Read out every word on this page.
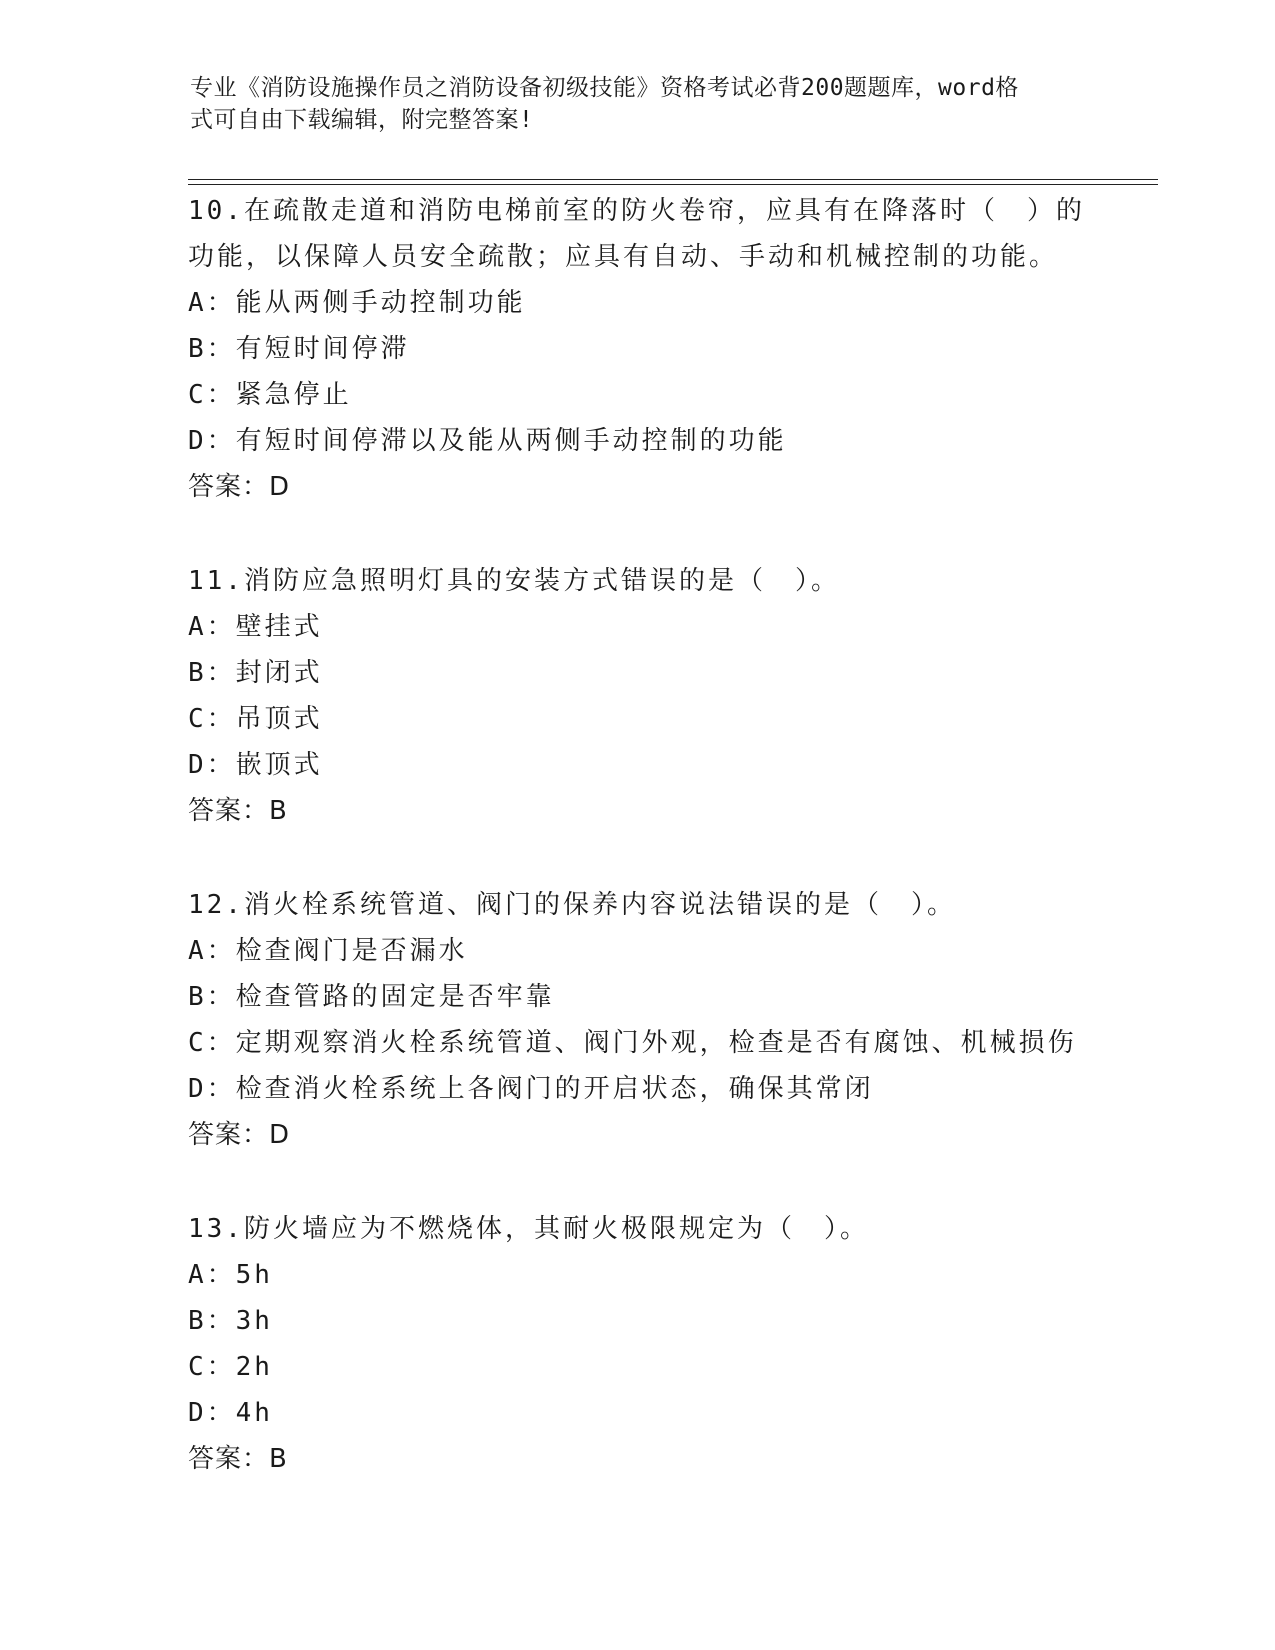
专业《消防设施操作员之消防设备初级技能》资格考试必背200题题库，word格
式可自由下载编辑，附完整答案!
10.在疏散走道和消防电梯前室的防火卷帘，应具有在降落时（　）的
功能，以保障人员安全疏散；应具有自动、手动和机械控制的功能。
A：能从两侧手动控制功能
B：有短时间停滞
C：紧急停止
D：有短时间停滞以及能从两侧手动控制的功能
答案：D
11.消防应急照明灯具的安装方式错误的是（　）。
A：壁挂式
B：封闭式
C：吊顶式
D：嵌顶式
答案：B
12.消火栓系统管道、阀门的保养内容说法错误的是（　）。
A：检查阀门是否漏水
B：检查管路的固定是否牢靠
C：定期观察消火栓系统管道、阀门外观，检查是否有腐蚀、机械损伤
D：检查消火栓系统上各阀门的开启状态，确保其常闭
答案：D
13.防火墙应为不燃烧体，其耐火极限规定为（　）。
A：5h
B：3h
C：2h
D：4h
答案：B
